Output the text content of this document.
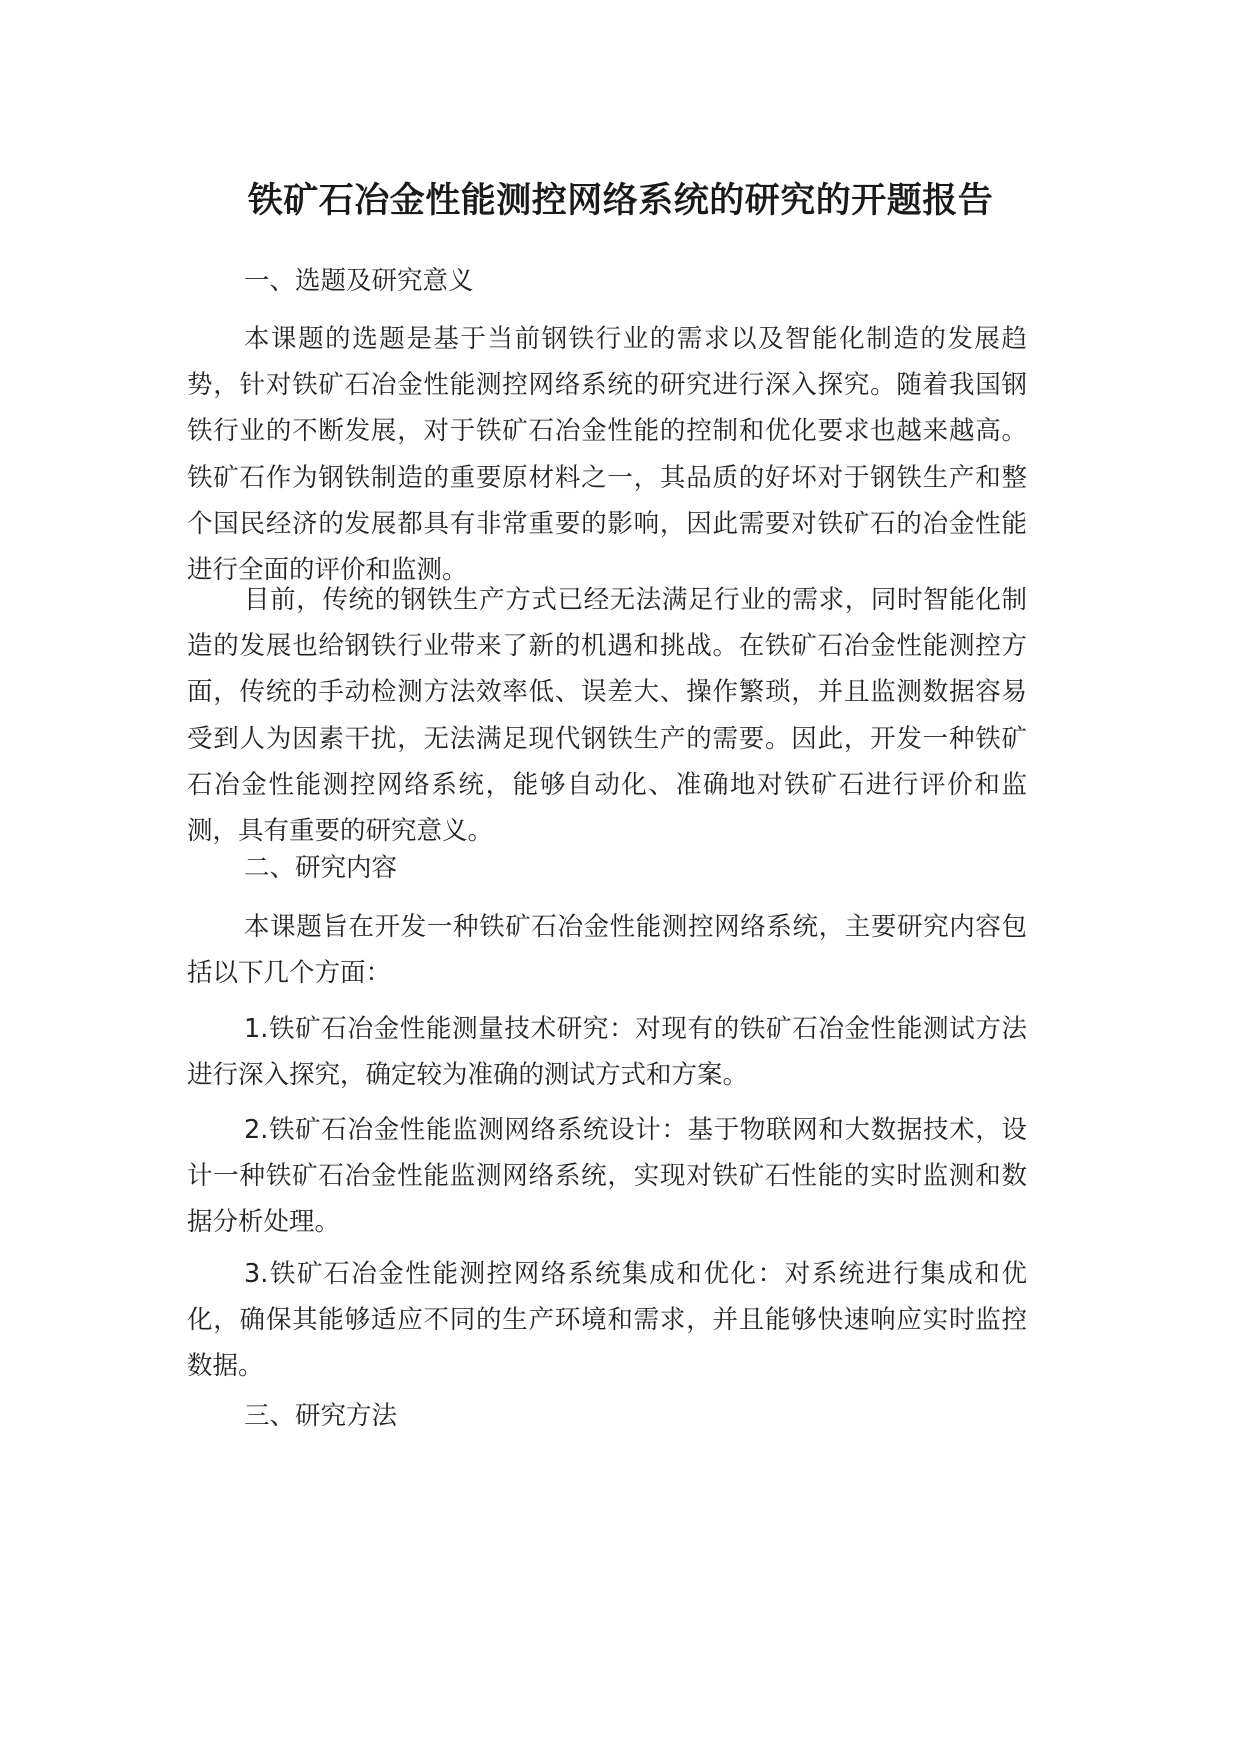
铁矿石冶金性能测控网络系统的研究的开题报告

一、选题及研究意义

本课题的选题是基于当前钢铁行业的需求以及智能化制造的发展趋势，针对铁矿石冶金性能测控网络系统的研究进行深入探究。随着我国钢铁行业的不断发展，对于铁矿石冶金性能的控制和优化要求也越来越高。铁矿石作为钢铁制造的重要原材料之一，其品质的好坏对于钢铁生产和整个国民经济的发展都具有非常重要的影响，因此需要对铁矿石的冶金性能进行全面的评价和监测。

目前，传统的钢铁生产方式已经无法满足行业的需求，同时智能化制造的发展也给钢铁行业带来了新的机遇和挑战。在铁矿石冶金性能测控方面，传统的手动检测方法效率低、误差大、操作繁琐，并且监测数据容易受到人为因素干扰，无法满足现代钢铁生产的需要。因此，开发一种铁矿石冶金性能测控网络系统，能够自动化、准确地对铁矿石进行评价和监测，具有重要的研究意义。

二、研究内容

本课题旨在开发一种铁矿石冶金性能测控网络系统，主要研究内容包括以下几个方面：

1.铁矿石冶金性能测量技术研究：对现有的铁矿石冶金性能测试方法进行深入探究，确定较为准确的测试方式和方案。

2.铁矿石冶金性能监测网络系统设计：基于物联网和大数据技术，设计一种铁矿石冶金性能监测网络系统，实现对铁矿石性能的实时监测和数据分析处理。

3.铁矿石冶金性能测控网络系统集成和优化：对系统进行集成和优化，确保其能够适应不同的生产环境和需求，并且能够快速响应实时监控数据。

三、研究方法
